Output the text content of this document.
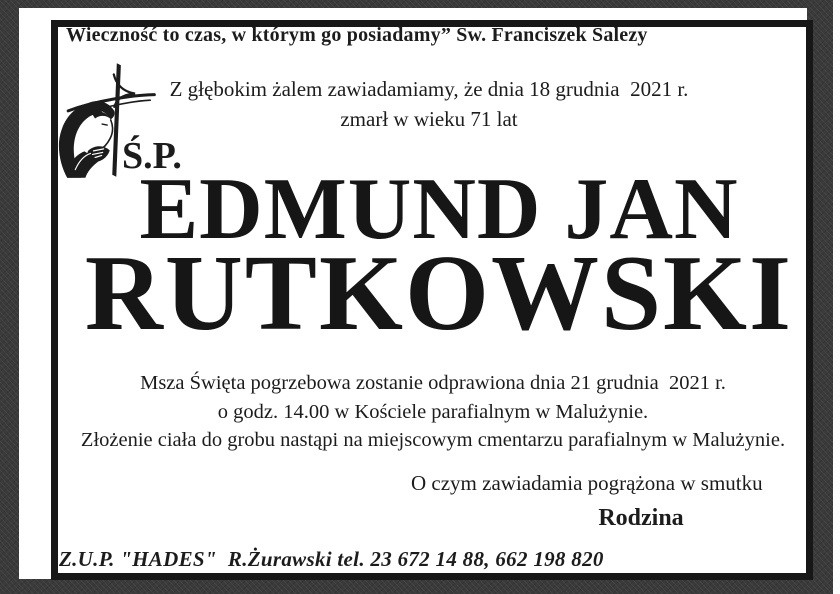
Wieczność to czas, w którym go posiadamy” Św. Franciszek Salezy
Ś.P.
Z głębokim żalem zawiadamiamy, że dnia 18 grudnia  2021 r.
zmarł w wieku 71 lat
EDMUND JAN
RUTKOWSKI
Msza Święta pogrzebowa zostanie odprawiona dnia 21 grudnia  2021 r.
o godz. 14.00 w Kościele parafialnym w Malużynie.
Złożenie ciała do grobu nastąpi na miejscowym cmentarzu parafialnym w Malużynie.
O czym zawiadamia pogrążona w smutku
Rodzina
Z.U.P. "HADES"  R.Żurawski tel. 23 672 14 88, 662 198 820
